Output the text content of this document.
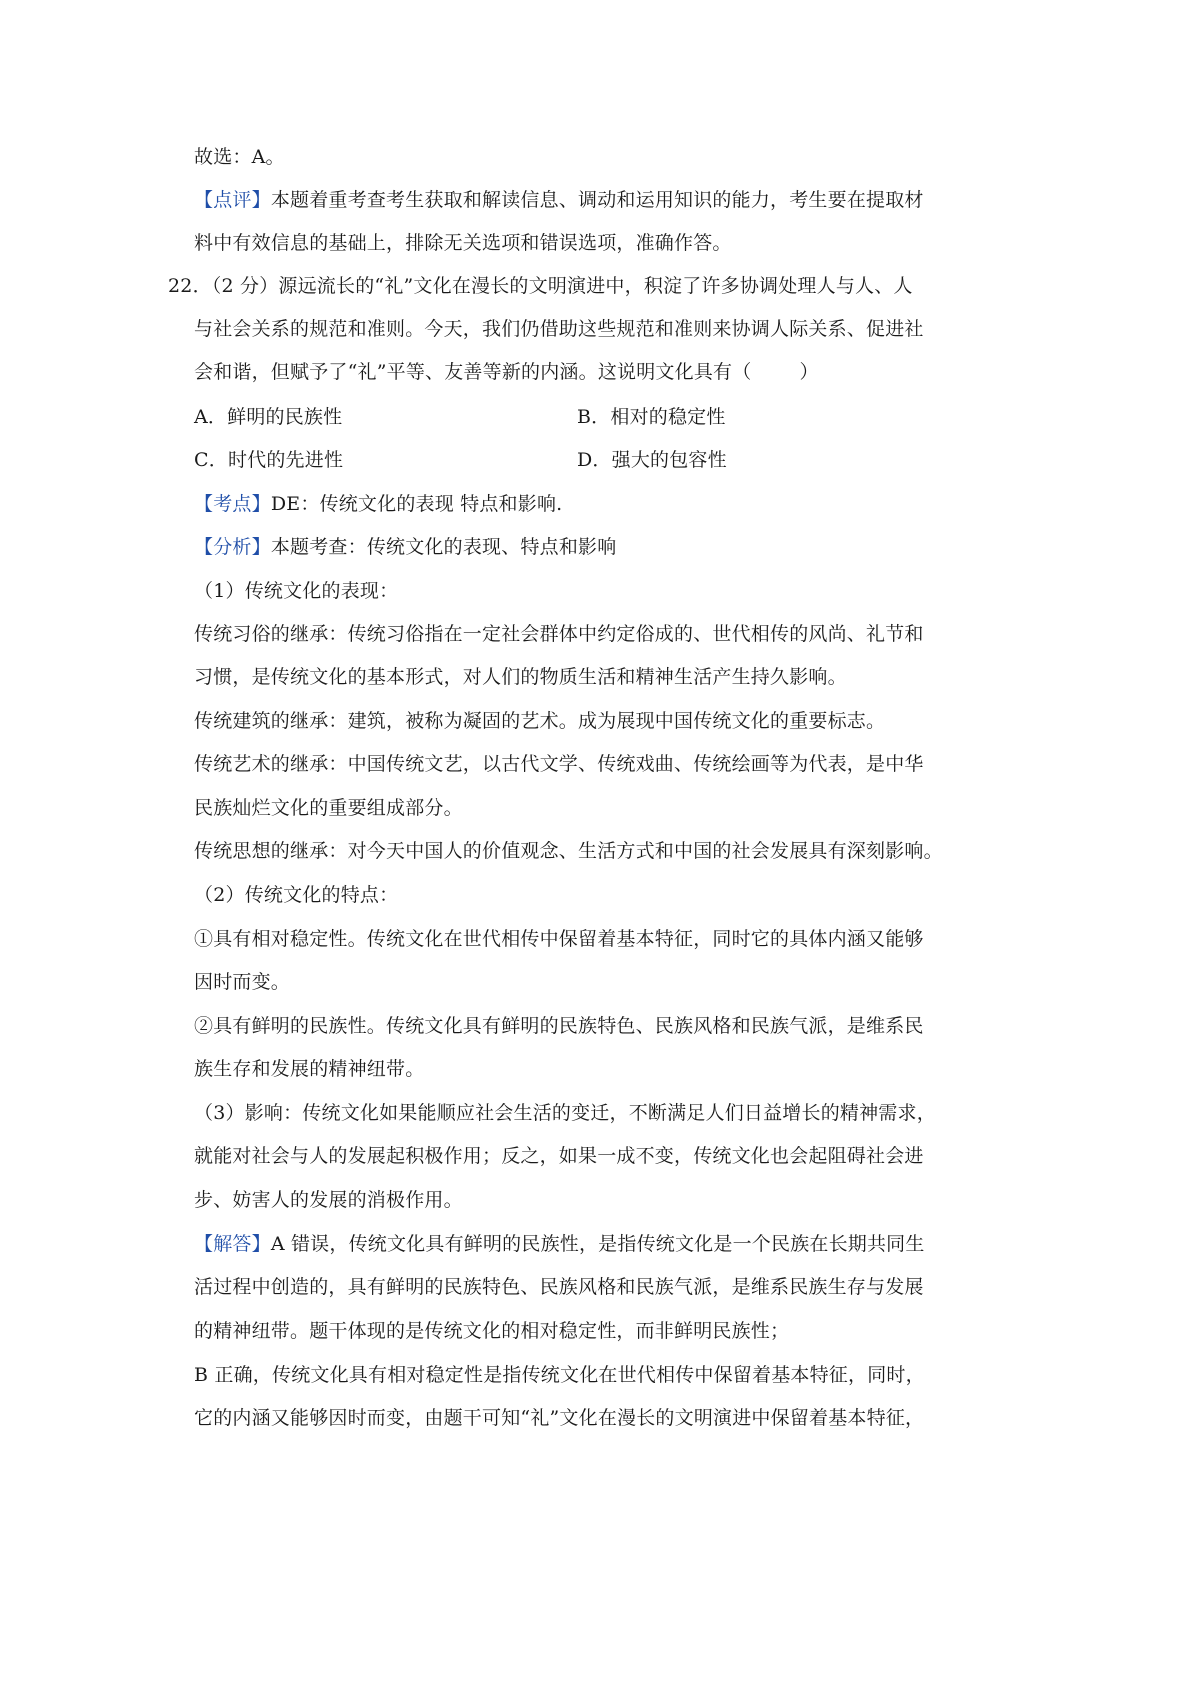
故选：A。
【点评】本题着重考查考生获取和解读信息、调动和运用知识的能力，考生要在提取材
料中有效信息的基础上，排除无关选项和错误选项，准确作答。
22．（2 分）源远流长的“礼”文化在漫长的文明演进中，积淀了许多协调处理人与人、人
与社会关系的规范和准则。今天，我们仍借助这些规范和准则来协调人际关系、促进社
会和谐，但赋予了“礼”平等、友善等新的内涵。这说明文化具有（	）
A．鲜明的民族性	B．相对的稳定性
C．时代的先进性	D．强大的包容性
【考点】DE：传统文化的表现 特点和影响.
【分析】本题考查：传统文化的表现、特点和影响
（1）传统文化的表现：
传统习俗的继承：传统习俗指在一定社会群体中约定俗成的、世代相传的风尚、礼节和
习惯，是传统文化的基本形式，对人们的物质生活和精神生活产生持久影响。
传统建筑的继承：建筑，被称为凝固的艺术。成为展现中国传统文化的重要标志。
传统艺术的继承：中国传统文艺，以古代文学、传统戏曲、传统绘画等为代表，是中华
民族灿烂文化的重要组成部分。
传统思想的继承：对今天中国人的价值观念、生活方式和中国的社会发展具有深刻影响。
（2）传统文化的特点：
①具有相对稳定性。传统文化在世代相传中保留着基本特征，同时它的具体内涵又能够
因时而变。
②具有鲜明的民族性。传统文化具有鲜明的民族特色、民族风格和民族气派，是维系民
族生存和发展的精神纽带。
（3）影响：传统文化如果能顺应社会生活的变迁，不断满足人们日益增长的精神需求，
就能对社会与人的发展起积极作用；反之，如果一成不变，传统文化也会起阻碍社会进
步、妨害人的发展的消极作用。
【解答】A 错误，传统文化具有鲜明的民族性，是指传统文化是一个民族在长期共同生
活过程中创造的，具有鲜明的民族特色、民族风格和民族气派，是维系民族生存与发展
的精神纽带。题干体现的是传统文化的相对稳定性，而非鲜明民族性；
B 正确，传统文化具有相对稳定性是指传统文化在世代相传中保留着基本特征，同时，
它的内涵又能够因时而变，由题干可知“礼”文化在漫长的文明演进中保留着基本特征，
